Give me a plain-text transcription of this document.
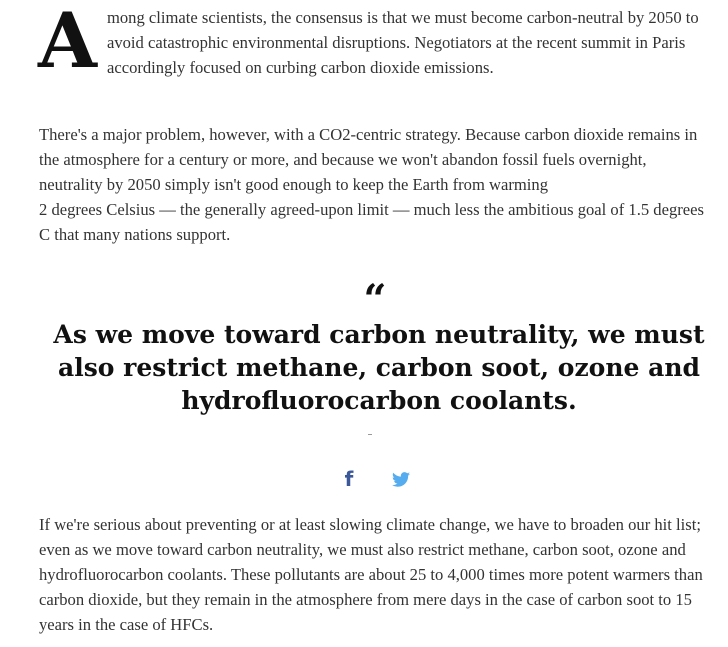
Among climate scientists, the consensus is that we must become carbon-neutral by 2050 to avoid catastrophic environmental disruptions. Negotiators at the recent summit in Paris accordingly focused on curbing carbon dioxide emissions.

There's a major problem, however, with a CO2-centric strategy. Because carbon dioxide remains in the atmosphere for a century or more, and because we won't abandon fossil fuels overnight, neutrality by 2050 simply isn't good enough to keep the Earth from warming
2 degrees Celsius — the generally agreed-upon limit — much less the ambitious goal of 1.5 degrees C that many nations support.

“

As we move toward carbon neutrality, we must also restrict methane, carbon soot, ozone and hydrofluorocarbon coolants.

f

If we're serious about preventing or at least slowing climate change, we have to broaden our hit list; even as we move toward carbon neutrality, we must also restrict methane, carbon soot, ozone and hydrofluorocarbon coolants. These pollutants are about 25 to 4,000 times more potent warmers than carbon dioxide, but they remain in the atmosphere from mere days in the case of carbon soot to 15 years in the case of HFCs.
